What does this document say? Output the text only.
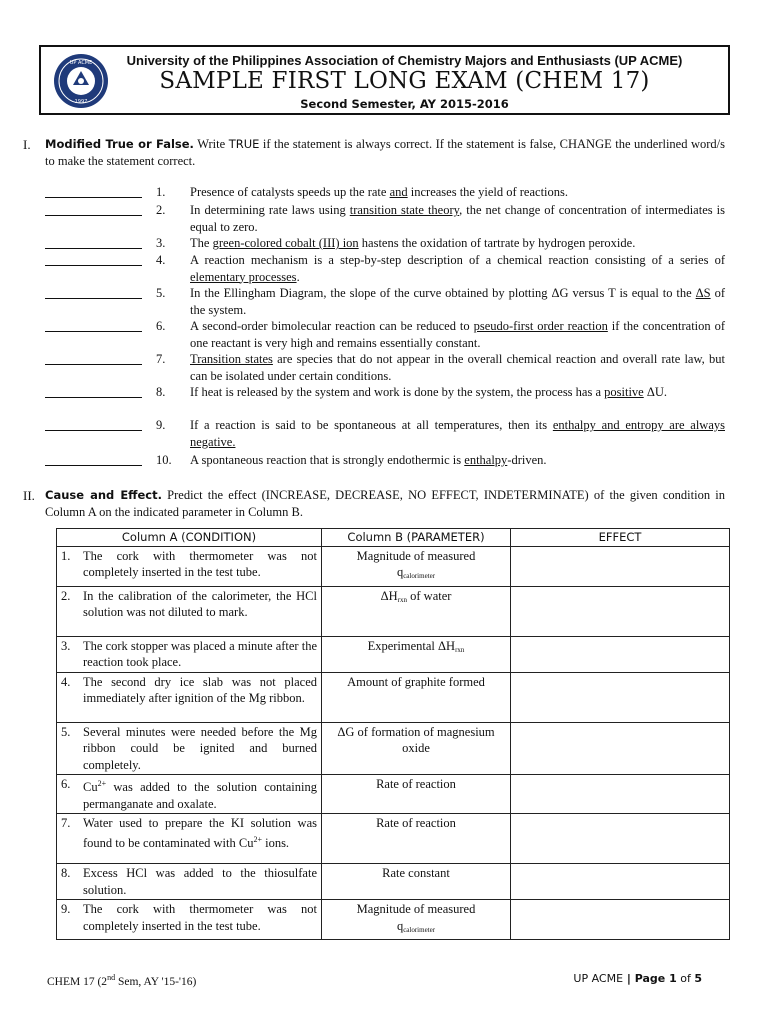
UP ACME
1997
University of the Philippines Association of Chemistry Majors and Enthusiasts (UP ACME)
SAMPLE FIRST LONG EXAM (CHEM 17)
Second Semester, AY 2015-2016
I. Modified True or False. Write TRUE if the statement is always correct. If the statement is false, CHANGE the underlined word/s to make the statement correct.
1.	Presence of catalysts speeds up the rate and increases the yield of reactions.
2.	In determining rate laws using transition state theory, the net change of concentration of intermediates is equal to zero.
3.	The green-colored cobalt (III) ion hastens the oxidation of tartrate by hydrogen peroxide.
4.	A reaction mechanism is a step-by-step description of a chemical reaction consisting of a series of elementary processes.
5.	In the Ellingham Diagram, the slope of the curve obtained by plotting ΔG versus T is equal to the ΔS of the system.
6.	A second-order bimolecular reaction can be reduced to pseudo-first order reaction if the concentration of one reactant is very high and remains essentially constant.
7.	Transition states are species that do not appear in the overall chemical reaction and overall rate law, but can be isolated under certain conditions.
8.	If heat is released by the system and work is done by the system, the process has a positive ΔU.
9.	If a reaction is said to be spontaneous at all temperatures, then its enthalpy and entropy are always negative.
10.	A spontaneous reaction that is strongly endothermic is enthalpy-driven.
II. Cause and Effect. Predict the effect (INCREASE, DECREASE, NO EFFECT, INDETERMINATE) of the given condition in Column A on the indicated parameter in Column B.
Column A (CONDITION)	Column B (PARAMETER)	EFFECT

1. The cork with thermometer was not completely inserted in the test tube.	Magnitude of measured
$q_{calorimeter}$	

2. In the calibration of the calorimeter, the HCl solution was not diluted to mark.	$\Delta H_{rxn}$ of water	

3. The cork stopper was placed a minute after the reaction took place.	Experimental $\Delta H_{rxn}$	

4. The second dry ice slab was not placed immediately after ignition of the Mg ribbon.	Amount of graphite formed	

5. Several minutes were needed before the Mg ribbon could be ignited and burned completely.	ΔG of formation of magnesium oxide	

6. $Cu^{2+}$ was added to the solution containing permanganate and oxalate.	Rate of reaction	

7. Water used to prepare the KI solution was found to be contaminated with $Cu^{2+}$ ions.	Rate of reaction	

8. Excess HCl was added to the thiosulfate solution.	Rate constant	

9. The cork with thermometer was not completely inserted in the test tube.	Magnitude of measured
$q_{calorimeter}$	
CHEM 17 (2nd Sem, AY '15-'16)	UP ACME | Page 1 of 5
